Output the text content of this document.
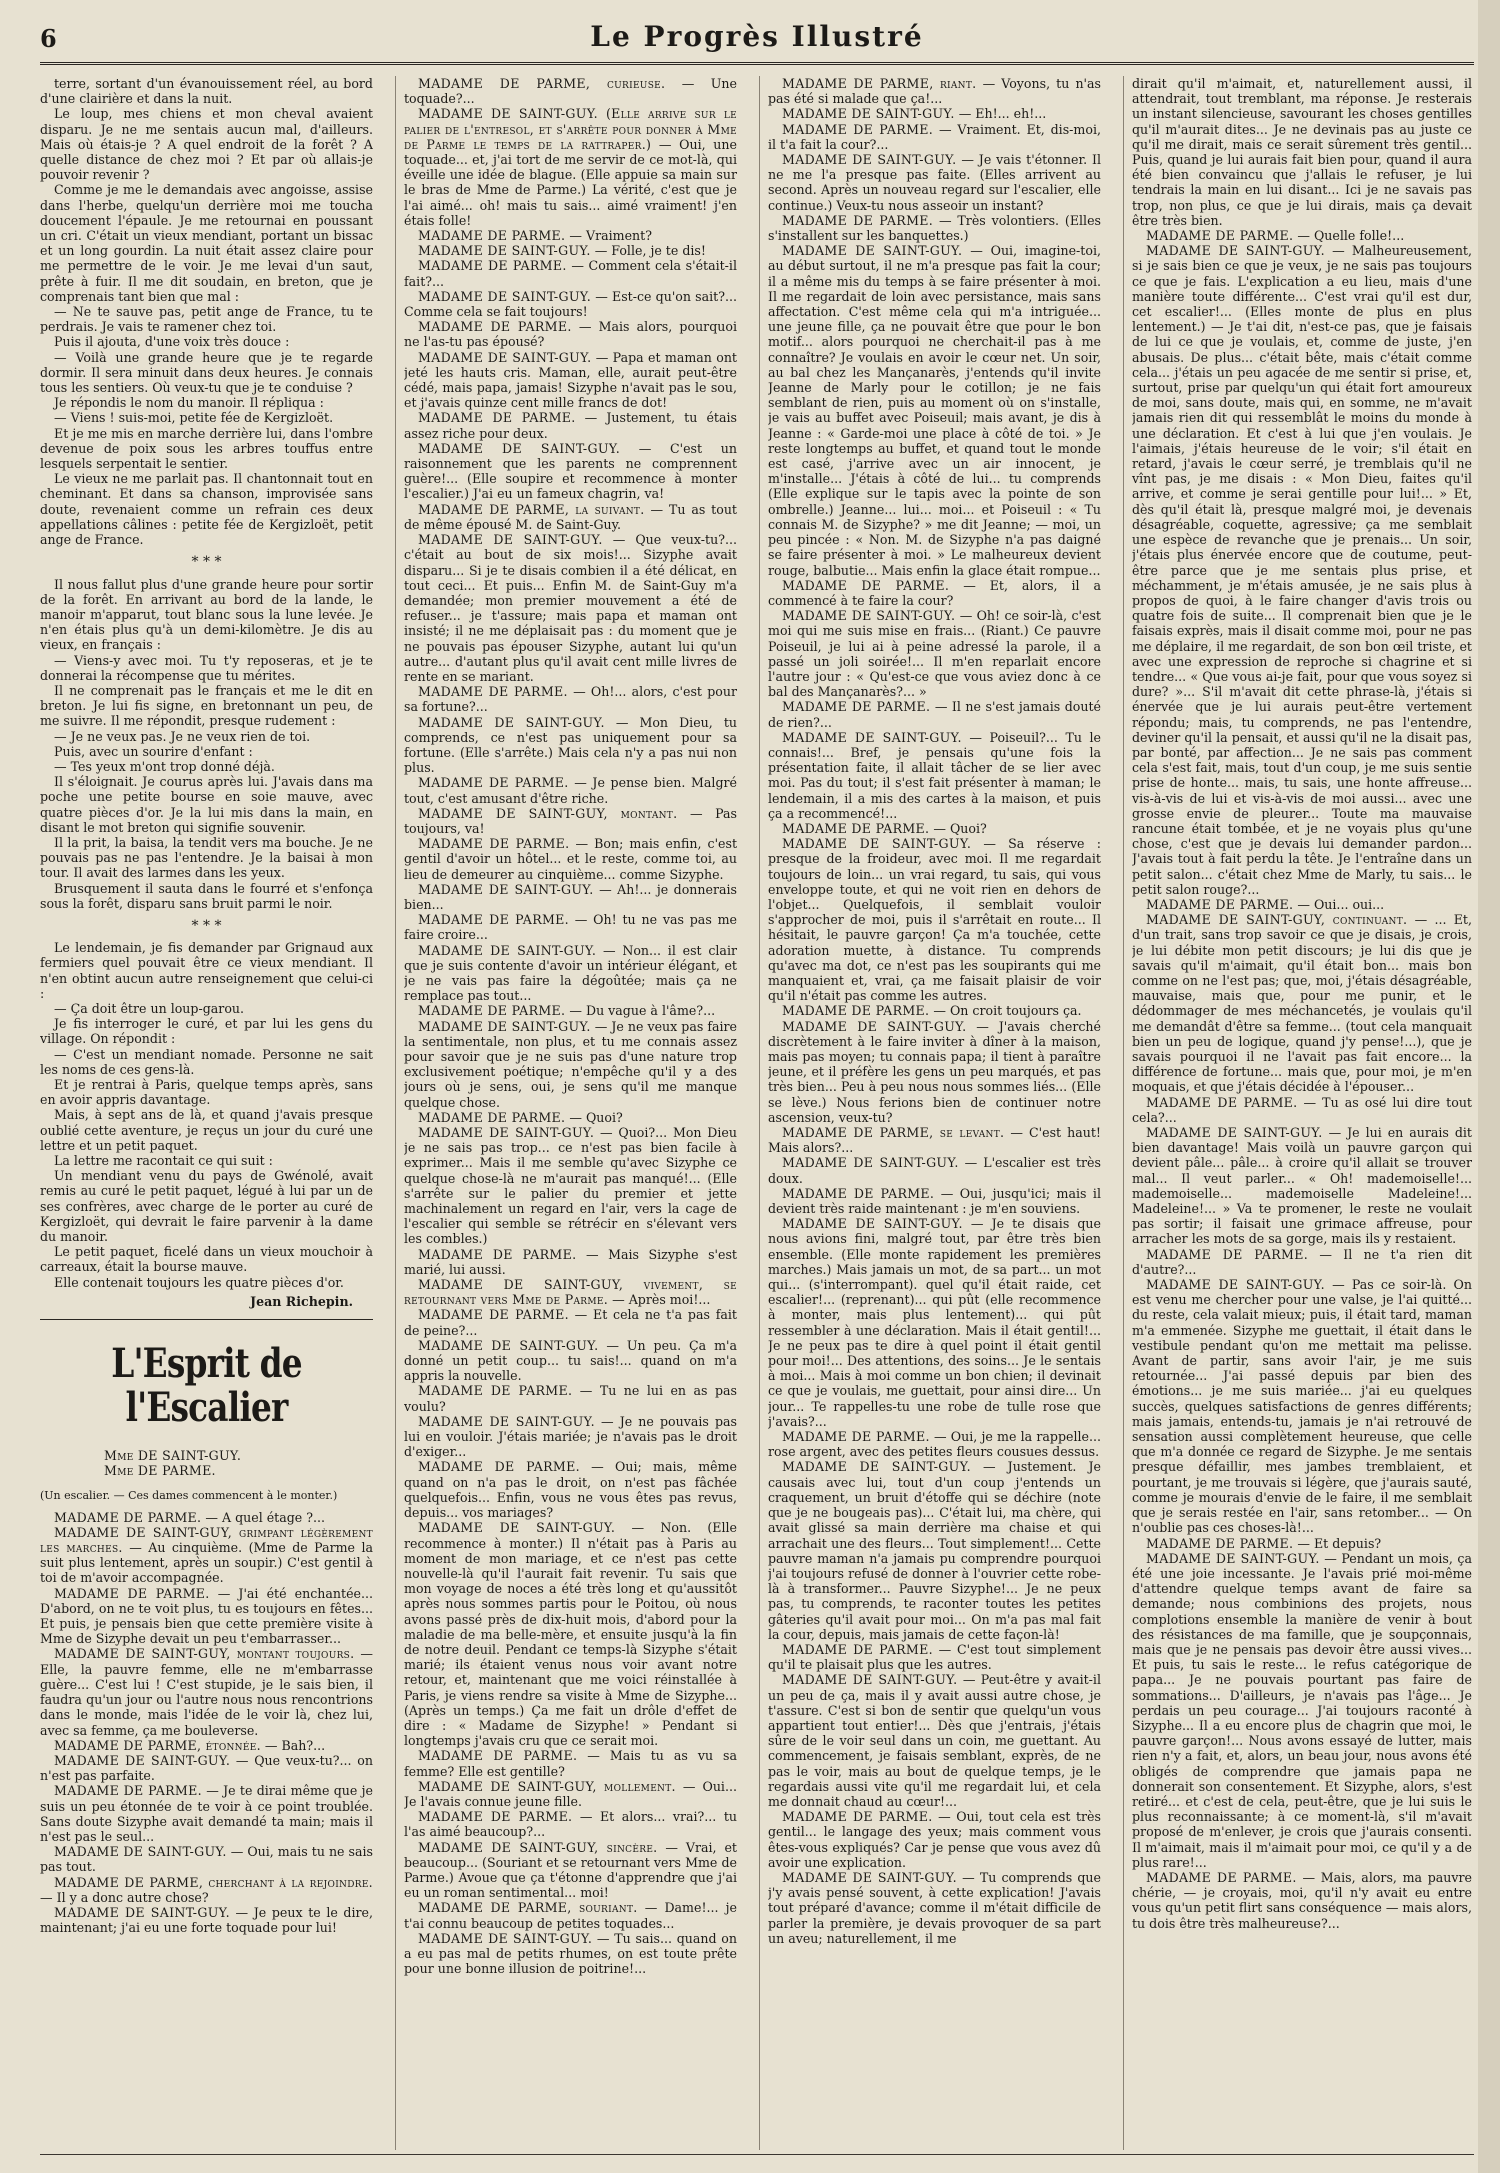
6	Le Progrès Illustré

terre, sortant d'un évanouissement réel, au bord d'une clairière et dans la nuit.

Le loup, mes chiens et mon cheval avaient disparu. Je ne me sentais aucun mal, d'ailleurs. Mais où étais-je ? A quel endroit de la forêt ? A quelle distance de chez moi ? Et par où allais-je pouvoir revenir ?

Comme je me le demandais avec angoisse, assise dans l'herbe, quelqu'un derrière moi me toucha doucement l'épaule. Je me retournai en poussant un cri. C'était un vieux mendiant, portant un bissac et un long gourdin. La nuit était assez claire pour me permettre de le voir. Je me levai d'un saut, prête à fuir. Il me dit soudain, en breton, que je comprenais tant bien que mal :

— Ne te sauve pas, petit ange de France, tu te perdrais. Je vais te ramener chez toi.

Puis il ajouta, d'une voix très douce :

— Voilà une grande heure que je te regarde dormir. Il sera minuit dans deux heures. Je connais tous les sentiers. Où veux-tu que je te conduise ?

Je répondis le nom du manoir. Il répliqua :

— Viens ! suis-moi, petite fée de Kergizloët.

Et je me mis en marche derrière lui, dans l'ombre devenue de poix sous les arbres touffus entre lesquels serpentait le sentier.

Le vieux ne me parlait pas. Il chantonnait tout en cheminant. Et dans sa chanson, improvisée sans doute, revenaient comme un refrain ces deux appellations câlines : petite fée de Kergizloët, petit ange de France.

* * *

Il nous fallut plus d'une grande heure pour sortir de la forêt. En arrivant au bord de la lande, le manoir m'apparut, tout blanc sous la lune levée. Je n'en étais plus qu'à un demi-kilomètre. Je dis au vieux, en français :

— Viens-y avec moi. Tu t'y reposeras, et je te donnerai la récompense que tu mérites.

Il ne comprenait pas le français et me le dit en breton. Je lui fis signe, en bretonnant un peu, de me suivre. Il me répondit, presque rudement :

— Je ne veux pas. Je ne veux rien de toi.

Puis, avec un sourire d'enfant :

— Tes yeux m'ont trop donné déjà.

Il s'éloignait. Je courus après lui. J'avais dans ma poche une petite bourse en soie mauve, avec quatre pièces d'or. Je la lui mis dans la main, en disant le mot breton qui signifie souvenir.

Il la prit, la baisa, la tendit vers ma bouche. Je ne pouvais pas ne pas l'entendre. Je la baisai à mon tour. Il avait des larmes dans les yeux.

Brusquement il sauta dans le fourré et s'enfonça sous la forêt, disparu sans bruit parmi le noir.

* * *

Le lendemain, je fis demander par Grignaud aux fermiers quel pouvait être ce vieux mendiant. Il n'en obtint aucun autre renseignement que celui-ci :

— Ça doit être un loup-garou.

Je fis interroger le curé, et par lui les gens du village. On répondit :

— C'est un mendiant nomade. Personne ne sait les noms de ces gens-là.

Et je rentrai à Paris, quelque temps après, sans en avoir appris davantage.

Mais, à sept ans de là, et quand j'avais presque oublié cette aventure, je reçus un jour du curé une lettre et un petit paquet.

La lettre me racontait ce qui suit :

Un mendiant venu du pays de Gwénolé, avait remis au curé le petit paquet, légué à lui par un de ses confrères, avec charge de le porter au curé de Kergizloët, qui devrait le faire parvenir à la dame du manoir.

Le petit paquet, ficelé dans un vieux mouchoir à carreaux, était la bourse mauve.

Elle contenait toujours les quatre pièces d'or.

Jean Richepin.
L'Esprit de l'Escalier
Mme DE SAINT-GUY.
Mme DE PARME.
(Un escalier. — Ces dames commencent à le monter.)

MADAME DE PARME. — A quel étage ?...

MADAME DE SAINT-GUY, grimpant légèrement les marches. — Au cinquième. (Mme de Parme la suit plus lentement, après un soupir.) C'est gentil à toi de m'avoir accompagnée.

MADAME DE PARME. — J'ai été enchantée... D'abord, on ne te voit plus, tu es toujours en fêtes... Et puis, je pensais bien que cette première visite à Mme de Sizyphe devait un peu t'embarrasser...

MADAME DE SAINT-GUY, montant toujours. — Elle, la pauvre femme, elle ne m'embarrasse guère... C'est lui ! C'est stupide, je le sais bien, il faudra qu'un jour ou l'autre nous nous rencontrions dans le monde, mais l'idée de le voir là, chez lui, avec sa femme, ça me bouleverse.

MADAME DE PARME, étonnée. — Bah?...

MADAME DE SAINT-GUY. — Que veux-tu?... on n'est pas parfaite.

MADAME DE PARME. — Je te dirai même que je suis un peu étonnée de te voir à ce point troublée. Sans doute Sizyphe avait demandé ta main; mais il n'est pas le seul...

MADAME DE SAINT-GUY. — Oui, mais tu ne sais pas tout.

MADAME DE PARME, cherchant à la rejoindre. — Il y a donc autre chose?

MADAME DE SAINT-GUY. — Je peux te le dire, maintenant; j'ai eu une forte toquade pour lui!

MADAME DE PARME, curieuse. — Une toquade?...

MADAME DE SAINT-GUY. (Elle arrive sur le palier de l'entresol, et s'arrête pour donner à Mme de Parme le temps de la rattraper.) — Oui, une toquade... et, j'ai tort de me servir de ce mot-là, qui éveille une idée de blague. (Elle appuie sa main sur le bras de Mme de Parme.) La vérité, c'est que je l'ai aimé... oh! mais tu sais... aimé vraiment! j'en étais folle!

MADAME DE PARME. — Vraiment?

MADAME DE SAINT-GUY. — Folle, je te dis!

MADAME DE PARME. — Comment cela s'était-il fait?...

MADAME DE SAINT-GUY. — Est-ce qu'on sait?... Comme cela se fait toujours!

MADAME DE PARME. — Mais alors, pourquoi ne l'as-tu pas épousé?

MADAME DE SAINT-GUY. — Papa et maman ont jeté les hauts cris. Maman, elle, aurait peut-être cédé, mais papa, jamais! Sizyphe n'avait pas le sou, et j'avais quinze cent mille francs de dot!

MADAME DE PARME. — Justement, tu étais assez riche pour deux.

MADAME DE SAINT-GUY. — C'est un raisonnement que les parents ne comprennent guère!... (Elle soupire et recommence à monter l'escalier.) J'ai eu un fameux chagrin, va!

MADAME DE PARME, la suivant. — Tu as tout de même épousé M. de Saint-Guy.

MADAME DE SAINT-GUY. — Que veux-tu?... c'était au bout de six mois!... Sizyphe avait disparu... Si je te disais combien il a été délicat, en tout ceci... Et puis... Enfin M. de Saint-Guy m'a demandée; mon premier mouvement a été de refuser... je t'assure; mais papa et maman ont insisté; il ne me déplaisait pas : du moment que je ne pouvais pas épouser Sizyphe, autant lui qu'un autre... d'autant plus qu'il avait cent mille livres de rente en se mariant.

MADAME DE PARME. — Oh!... alors, c'est pour sa fortune?...

MADAME DE SAINT-GUY. — Mon Dieu, tu comprends, ce n'est pas uniquement pour sa fortune. (Elle s'arrête.) Mais cela n'y a pas nui non plus.

MADAME DE PARME. — Je pense bien. Malgré tout, c'est amusant d'être riche.

MADAME DE SAINT-GUY, montant. — Pas toujours, va!

MADAME DE PARME. — Bon; mais enfin, c'est gentil d'avoir un hôtel... et le reste, comme toi, au lieu de demeurer au cinquième... comme Sizyphe.

MADAME DE SAINT-GUY. — Ah!... je donnerais bien...

MADAME DE PARME. — Oh! tu ne vas pas me faire croire...

MADAME DE SAINT-GUY. — Non... il est clair que je suis contente d'avoir un intérieur élégant, et je ne vais pas faire la dégoûtée; mais ça ne remplace pas tout...

MADAME DE PARME. — Du vague à l'âme?...

MADAME DE SAINT-GUY. — Je ne veux pas faire la sentimentale, non plus, et tu me connais assez pour savoir que je ne suis pas d'une nature trop exclusivement poétique; n'empêche qu'il y a des jours où je sens, oui, je sens qu'il me manque quelque chose.

MADAME DE PARME. — Quoi?

MADAME DE SAINT-GUY. — Quoi?... Mon Dieu je ne sais pas trop... ce n'est pas bien facile à exprimer... Mais il me semble qu'avec Sizyphe ce quelque chose-là ne m'aurait pas manqué!... (Elle s'arrête sur le palier du premier et jette machinalement un regard en l'air, vers la cage de l'escalier qui semble se rétrécir en s'élevant vers les combles.)

MADAME DE PARME. — Mais Sizyphe s'est marié, lui aussi.

MADAME DE SAINT-GUY, vivement, se retournant vers Mme de Parme. — Après moi!...

MADAME DE PARME. — Et cela ne t'a pas fait de peine?...

MADAME DE SAINT-GUY. — Un peu. Ça m'a donné un petit coup... tu sais!... quand on m'a appris la nouvelle.

MADAME DE PARME. — Tu ne lui en as pas voulu?

MADAME DE SAINT-GUY. — Je ne pouvais pas lui en vouloir. J'étais mariée; je n'avais pas le droit d'exiger...

MADAME DE PARME. — Oui; mais, même quand on n'a pas le droit, on n'est pas fâchée quelquefois... Enfin, vous ne vous êtes pas revus, depuis... vos mariages?

MADAME DE SAINT-GUY. — Non. (Elle recommence à monter.) Il n'était pas à Paris au moment de mon mariage, et ce n'est pas cette nouvelle-là qu'il l'aurait fait revenir. Tu sais que mon voyage de noces a été très long et qu'aussitôt après nous sommes partis pour le Poitou, où nous avons passé près de dix-huit mois, d'abord pour la maladie de ma belle-mère, et ensuite jusqu'à la fin de notre deuil. Pendant ce temps-là Sizyphe s'était marié; ils étaient venus nous voir avant notre retour, et, maintenant que me voici réinstallée à Paris, je viens rendre sa visite à Mme de Sizyphe... (Après un temps.) Ça me fait un drôle d'effet de dire : « Madame de Sizyphe! » Pendant si longtemps j'avais cru que ce serait moi.

MADAME DE PARME. — Mais tu as vu sa femme? Elle est gentille?

MADAME DE SAINT-GUY, mollement. — Oui... Je l'avais connue jeune fille.

MADAME DE PARME. — Et alors... vrai?... tu l'as aimé beaucoup?...

MADAME DE SAINT-GUY, sincère. — Vrai, et beaucoup... (Souriant et se retournant vers Mme de Parme.) Avoue que ça t'étonne d'apprendre que j'ai eu un roman sentimental... moi!

MADAME DE PARME, souriant. — Dame!... je t'ai connu beaucoup de petites toquades...

MADAME DE SAINT-GUY. — Tu sais... quand on a eu pas mal de petits rhumes, on est toute prête pour une bonne illusion de poitrine!...

MADAME DE PARME, riant. — Voyons, tu n'as pas été si malade que ça!...

MADAME DE SAINT-GUY. — Eh!... eh!...

MADAME DE PARME. — Vraiment. Et, dis-moi, il t'a fait la cour?...

MADAME DE SAINT-GUY. — Je vais t'étonner. Il ne me l'a presque pas faite. (Elles arrivent au second. Après un nouveau regard sur l'escalier, elle continue.) Veux-tu nous asseoir un instant?

MADAME DE PARME. — Très volontiers. (Elles s'installent sur les banquettes.)

MADAME DE SAINT-GUY. — Oui, imagine-toi, au début surtout, il ne m'a presque pas fait la cour; il a même mis du temps à se faire présenter à moi. Il me regardait de loin avec persistance, mais sans affectation. C'est même cela qui m'a intriguée... une jeune fille, ça ne pouvait être que pour le bon motif... alors pourquoi ne cherchait-il pas à me connaître? Je voulais en avoir le cœur net. Un soir, au bal chez les Mançanarès, j'entends qu'il invite Jeanne de Marly pour le cotillon; je ne fais semblant de rien, puis au moment où on s'installe, je vais au buffet avec Poiseuil; mais avant, je dis à Jeanne : « Garde-moi une place à côté de toi. » Je reste longtemps au buffet, et quand tout le monde est casé, j'arrive avec un air innocent, je m'installe... J'étais à côté de lui... tu comprends (Elle explique sur le tapis avec la pointe de son ombrelle.) Jeanne... lui... moi... et Poiseuil : « Tu connais M. de Sizyphe? » me dit Jeanne; — moi, un peu pincée : « Non. M. de Sizyphe n'a pas daigné se faire présenter à moi. » Le malheureux devient rouge, balbutie... Mais enfin la glace était rompue...

MADAME DE PARME. — Et, alors, il a commencé à te faire la cour?

MADAME DE SAINT-GUY. — Oh! ce soir-là, c'est moi qui me suis mise en frais... (Riant.) Ce pauvre Poiseuil, je lui ai à peine adressé la parole, il a passé un joli soirée!... Il m'en reparlait encore l'autre jour : « Qu'est-ce que vous aviez donc à ce bal des Mançanarès?... »

MADAME DE PARME. — Il ne s'est jamais douté de rien?...

MADAME DE SAINT-GUY. — Poiseuil?... Tu le connais!... Bref, je pensais qu'une fois la présentation faite, il allait tâcher de se lier avec moi. Pas du tout; il s'est fait présenter à maman; le lendemain, il a mis des cartes à la maison, et puis ça a recommencé!...

MADAME DE PARME. — Quoi?

MADAME DE SAINT-GUY. — Sa réserve : presque de la froideur, avec moi. Il me regardait toujours de loin... un vrai regard, tu sais, qui vous enveloppe toute, et qui ne voit rien en dehors de l'objet... Quelquefois, il semblait vouloir s'approcher de moi, puis il s'arrêtait en route... Il hésitait, le pauvre garçon! Ça m'a touchée, cette adoration muette, à distance. Tu comprends qu'avec ma dot, ce n'est pas les soupirants qui me manquaient et, vrai, ça me faisait plaisir de voir qu'il n'était pas comme les autres.

MADAME DE PARME. — On croit toujours ça.

MADAME DE SAINT-GUY. — J'avais cherché discrètement à le faire inviter à dîner à la maison, mais pas moyen; tu connais papa; il tient à paraître jeune, et il préfère les gens un peu marqués, et pas très bien... Peu à peu nous nous sommes liés... (Elle se lève.) Nous ferions bien de continuer notre ascension, veux-tu?

MADAME DE PARME, se levant. — C'est haut! Mais alors?...

MADAME DE SAINT-GUY. — L'escalier est très doux.

MADAME DE PARME. — Oui, jusqu'ici; mais il devient très raide maintenant : je m'en souviens.

MADAME DE SAINT-GUY. — Je te disais que nous avions fini, malgré tout, par être très bien ensemble. (Elle monte rapidement les premières marches.) Mais jamais un mot, de sa part... un mot qui... (s'interrompant). quel qu'il était raide, cet escalier!... (reprenant)... qui pût (elle recommence à monter, mais plus lentement)... qui pût ressembler à une déclaration. Mais il était gentil!... Je ne peux pas te dire à quel point il était gentil pour moi!... Des attentions, des soins... Je le sentais à moi... Mais à moi comme un bon chien; il devinait ce que je voulais, me guettait, pour ainsi dire... Un jour... Te rappelles-tu une robe de tulle rose que j'avais?...

MADAME DE PARME. — Oui, je me la rappelle... rose argent, avec des petites fleurs cousues dessus.

MADAME DE SAINT-GUY. — Justement. Je causais avec lui, tout d'un coup j'entends un craquement, un bruit d'étoffe qui se déchire (note que je ne bougeais pas)... C'était lui, ma chère, qui avait glissé sa main derrière ma chaise et qui arrachait une des fleurs... Tout simplement!... Cette pauvre maman n'a jamais pu comprendre pourquoi j'ai toujours refusé de donner à l'ouvrier cette robe-là à transformer... Pauvre Sizyphe!... Je ne peux pas, tu comprends, te raconter toutes les petites gâteries qu'il avait pour moi... On m'a pas mal fait la cour, depuis, mais jamais de cette façon-là!

MADAME DE PARME. — C'est tout simplement qu'il te plaisait plus que les autres.

MADAME DE SAINT-GUY. — Peut-être y avait-il un peu de ça, mais il y avait aussi autre chose, je t'assure. C'est si bon de sentir que quelqu'un vous appartient tout entier!... Dès que j'entrais, j'étais sûre de le voir seul dans un coin, me guettant. Au commencement, je faisais semblant, exprès, de ne pas le voir, mais au bout de quelque temps, je le regardais aussi vite qu'il me regardait lui, et cela me donnait chaud au cœur!...

MADAME DE PARME. — Oui, tout cela est très gentil... le langage des yeux; mais comment vous êtes-vous expliqués? Car je pense que vous avez dû avoir une explication.

MADAME DE SAINT-GUY. — Tu comprends que j'y avais pensé souvent, à cette explication! J'avais tout préparé d'avance; comme il m'était difficile de parler la première, je devais provoquer de sa part un aveu; naturellement, il me

dirait qu'il m'aimait, et, naturellement aussi, il attendrait, tout tremblant, ma réponse. Je resterais un instant silencieuse, savourant les choses gentilles qu'il m'aurait dites... Je ne devinais pas au juste ce qu'il me dirait, mais ce serait sûrement très gentil... Puis, quand je lui aurais fait bien pour, quand il aura été bien convaincu que j'allais le refuser, je lui tendrais la main en lui disant... Ici je ne savais pas trop, non plus, ce que je lui dirais, mais ça devait être très bien.

MADAME DE PARME. — Quelle folle!...

MADAME DE SAINT-GUY. — Malheureusement, si je sais bien ce que je veux, je ne sais pas toujours ce que je fais. L'explication a eu lieu, mais d'une manière toute différente... C'est vrai qu'il est dur, cet escalier!... (Elles monte de plus en plus lentement.) — Je t'ai dit, n'est-ce pas, que je faisais de lui ce que je voulais, et, comme de juste, j'en abusais. De plus... c'était bête, mais c'était comme cela... j'étais un peu agacée de me sentir si prise, et, surtout, prise par quelqu'un qui était fort amoureux de moi, sans doute, mais qui, en somme, ne m'avait jamais rien dit qui ressemblât le moins du monde à une déclaration. Et c'est à lui que j'en voulais. Je l'aimais, j'étais heureuse de le voir; s'il était en retard, j'avais le cœur serré, je tremblais qu'il ne vînt pas, je me disais : « Mon Dieu, faites qu'il arrive, et comme je serai gentille pour lui!... » Et, dès qu'il était là, presque malgré moi, je devenais désagréable, coquette, agressive; ça me semblait une espèce de revanche que je prenais... Un soir, j'étais plus énervée encore que de coutume, peut-être parce que je me sentais plus prise, et méchamment, je m'étais amusée, je ne sais plus à propos de quoi, à le faire changer d'avis trois ou quatre fois de suite... Il comprenait bien que je le faisais exprès, mais il disait comme moi, pour ne pas me déplaire, il me regardait, de son bon œil triste, et avec une expression de reproche si chagrine et si tendre... « Que vous ai-je fait, pour que vous soyez si dure? »... S'il m'avait dit cette phrase-là, j'étais si énervée que je lui aurais peut-être vertement répondu; mais, tu comprends, ne pas l'entendre, deviner qu'il la pensait, et aussi qu'il ne la disait pas, par bonté, par affection... Je ne sais pas comment cela s'est fait, mais, tout d'un coup, je me suis sentie prise de honte... mais, tu sais, une honte affreuse... vis-à-vis de lui et vis-à-vis de moi aussi... avec une grosse envie de pleurer... Toute ma mauvaise rancune était tombée, et je ne voyais plus qu'une chose, c'est que je devais lui demander pardon... J'avais tout à fait perdu la tête. Je l'entraîne dans un petit salon... c'était chez Mme de Marly, tu sais... le petit salon rouge?...

MADAME DE PARME. — Oui... oui...

MADAME DE SAINT-GUY, continuant. — ... Et, d'un trait, sans trop savoir ce que je disais, je crois, je lui débite mon petit discours; je lui dis que je savais qu'il m'aimait, qu'il était bon... mais bon comme on ne l'est pas; que, moi, j'étais désagréable, mauvaise, mais que, pour me punir, et le dédommager de mes méchancetés, je voulais qu'il me demandât d'être sa femme... (tout cela manquait bien un peu de logique, quand j'y pense!...), que je savais pourquoi il ne l'avait pas fait encore... la différence de fortune... mais que, pour moi, je m'en moquais, et que j'étais décidée à l'épouser...

MADAME DE PARME. — Tu as osé lui dire tout cela?...

MADAME DE SAINT-GUY. — Je lui en aurais dit bien davantage! Mais voilà un pauvre garçon qui devient pâle... pâle... à croire qu'il allait se trouver mal... Il veut parler... « Oh! mademoiselle!... mademoiselle... mademoiselle Madeleine!... Madeleine!... » Va te promener, le reste ne voulait pas sortir; il faisait une grimace affreuse, pour arracher les mots de sa gorge, mais ils y restaient.

MADAME DE PARME. — Il ne t'a rien dit d'autre?...

MADAME DE SAINT-GUY. — Pas ce soir-là. On est venu me chercher pour une valse, je l'ai quitté... du reste, cela valait mieux; puis, il était tard, maman m'a emmenée. Sizyphe me guettait, il était dans le vestibule pendant qu'on me mettait ma pelisse. Avant de partir, sans avoir l'air, je me suis retournée... J'ai passé depuis par bien des émotions... je me suis mariée... j'ai eu quelques succès, quelques satisfactions de genres différents; mais jamais, entends-tu, jamais je n'ai retrouvé de sensation aussi complètement heureuse, que celle que m'a donnée ce regard de Sizyphe. Je me sentais presque défaillir, mes jambes tremblaient, et pourtant, je me trouvais si légère, que j'aurais sauté, comme je mourais d'envie de le faire, il me semblait que je serais restée en l'air, sans retomber... — On n'oublie pas ces choses-là!...

MADAME DE PARME. — Et depuis?

MADAME DE SAINT-GUY. — Pendant un mois, ça été une joie incessante. Je l'avais prié moi-même d'attendre quelque temps avant de faire sa demande; nous combinions des projets, nous complotions ensemble la manière de venir à bout des résistances de ma famille, que je soupçonnais, mais que je ne pensais pas devoir être aussi vives... Et puis, tu sais le reste... le refus catégorique de papa... Je ne pouvais pourtant pas faire de sommations... D'ailleurs, je n'avais pas l'âge... Je perdais un peu courage... J'ai toujours raconté à Sizyphe... Il a eu encore plus de chagrin que moi, le pauvre garçon!... Nous avons essayé de lutter, mais rien n'y a fait, et, alors, un beau jour, nous avons été obligés de comprendre que jamais papa ne donnerait son consentement. Et Sizyphe, alors, s'est retiré... et c'est de cela, peut-être, que je lui suis le plus reconnaissante; à ce moment-là, s'il m'avait proposé de m'enlever, je crois que j'aurais consenti. Il m'aimait, mais il m'aimait pour moi, ce qu'il y a de plus rare!...

MADAME DE PARME. — Mais, alors, ma pauvre chérie, — je croyais, moi, qu'il n'y avait eu entre vous qu'un petit flirt sans conséquence — mais alors, tu dois être très malheureuse?...
